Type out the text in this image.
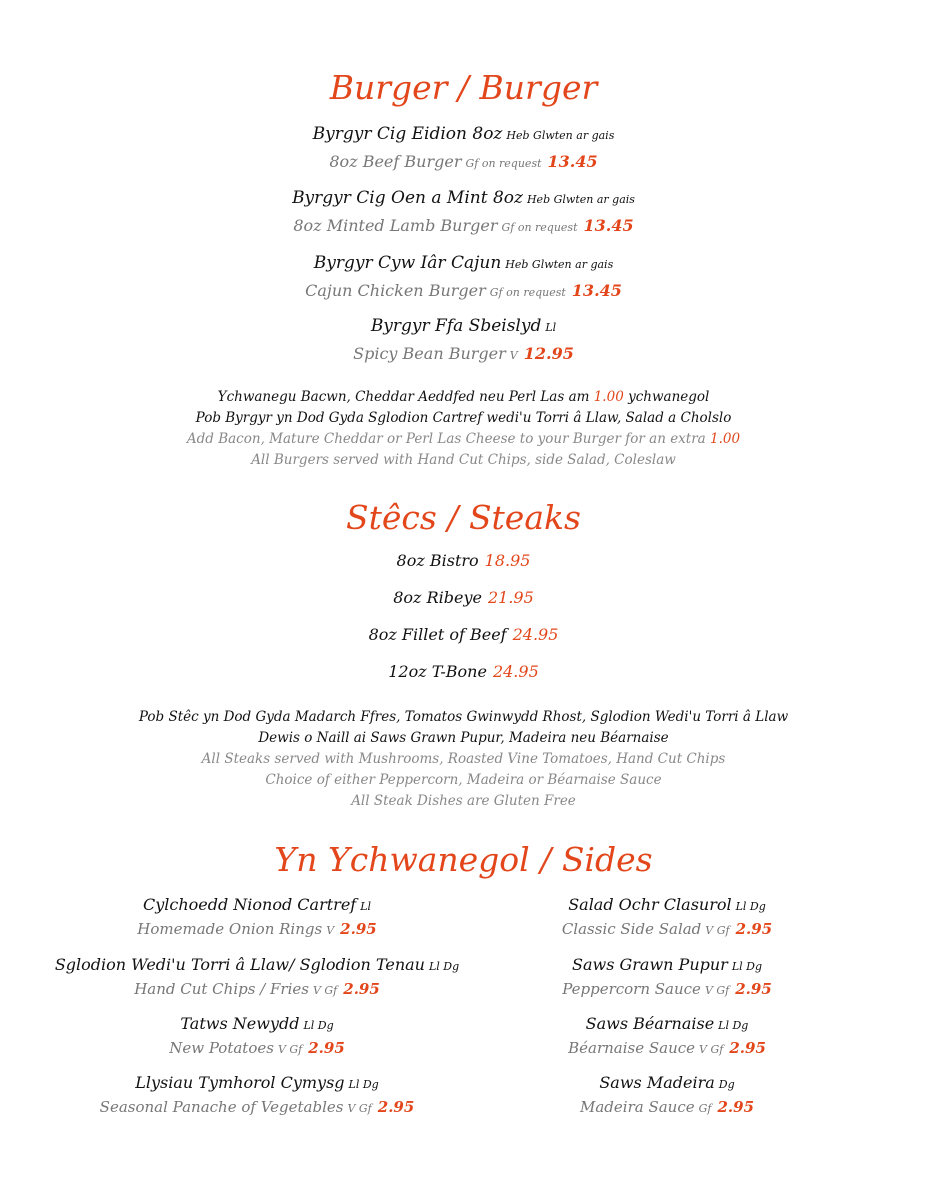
Burger / Burger
Byrgyr Cig Eidion 8oz Heb Glwten ar gais
8oz Beef Burger Gf on request 13.45
Byrgyr Cig Oen a Mint 8oz Heb Glwten ar gais
8oz Minted Lamb Burger Gf on request 13.45
Byrgyr Cyw Iâr Cajun Heb Glwten ar gais
Cajun Chicken Burger Gf on request 13.45
Byrgyr Ffa Sbeislyd Ll
Spicy Bean Burger V 12.95
Ychwanegu Bacwn, Cheddar Aeddfed neu Perl Las am 1.00 ychwanegol
Pob Byrgyr yn Dod Gyda Sglodion Cartref wedi'u Torri â Llaw, Salad a Cholslo
Add Bacon, Mature Cheddar or Perl Las Cheese to your Burger for an extra 1.00
All Burgers served with Hand Cut Chips, side Salad, Coleslaw
Stêcs / Steaks
8oz Bistro 18.95
8oz Ribeye 21.95
8oz Fillet of Beef 24.95
12oz T-Bone 24.95
Pob Stêc yn Dod Gyda Madarch Ffres, Tomatos Gwinwydd Rhost, Sglodion Wedi'u Torri â Llaw
Dewis o Naill ai Saws Grawn Pupur, Madeira neu Béarnaise
All Steaks served with Mushrooms, Roasted Vine Tomatoes, Hand Cut Chips
Choice of either Peppercorn, Madeira or Béarnaise Sauce
All Steak Dishes are Gluten Free
Yn Ychwanegol / Sides
Cylchoedd Nionod Cartref Ll
Homemade Onion Rings V 2.95
Sglodion Wedi'u Torri â Llaw/ Sglodion Tenau Ll Dg
Hand Cut Chips / Fries V Gf 2.95
Tatws Newydd Ll Dg
New Potatoes V Gf 2.95
Llysiau Tymhorol Cymysg Ll Dg
Seasonal Panache of Vegetables V Gf 2.95
Salad Ochr Clasurol Ll Dg
Classic Side Salad V Gf 2.95
Saws Grawn Pupur Ll Dg
Peppercorn Sauce V Gf 2.95
Saws Béarnaise Ll Dg
Béarnaise Sauce V Gf 2.95
Saws Madeira Dg
Madeira Sauce Gf 2.95
